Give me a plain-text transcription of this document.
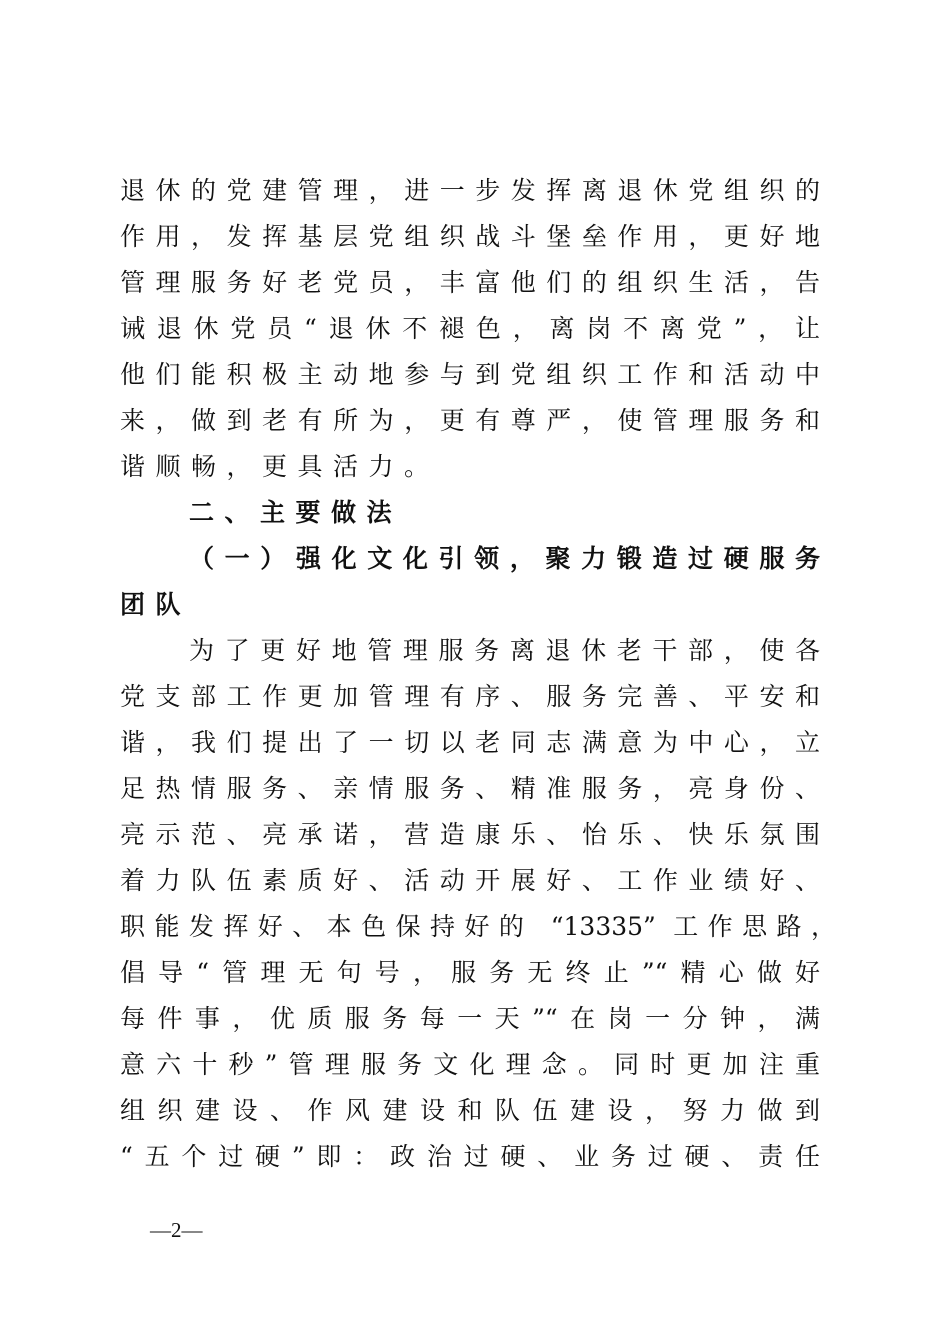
退休的党建管理，进一步发挥离退休党组织的
作用，发挥基层党组织战斗堡垒作用，更好地
管理服务好老党员，丰富他们的组织生活，告
诫退休党员“退休不褪色，离岗不离党”，让
他们能积极主动地参与到党组织工作和活动中
来，做到老有所为，更有尊严，使管理服务和
谐顺畅，更具活力。
二、主要做法
（一）强化文化引领，聚力锻造过硬服务
团队
为了更好地管理服务离退休老干部，使各
党支部工作更加管理有序、服务完善、平安和
谐，我们提出了一切以老同志满意为中心，立
足热情服务、亲情服务、精准服务，亮身份、
亮示范、亮承诺，营造康乐、怡乐、快乐氛围
着力队伍素质好、活动开展好、工作业绩好、
职能发挥好、本色保持好的 “13335” 工作思路，
倡导“管理无句号，服务无终止”“精心做好
每件事，优质服务每一天”“在岗一分钟，满
意六十秒”管理服务文化理念。同时更加注重
组织建设、作风建设和队伍建设，努力做到
“五个过硬”即：政治过硬、业务过硬、责任
—2—
